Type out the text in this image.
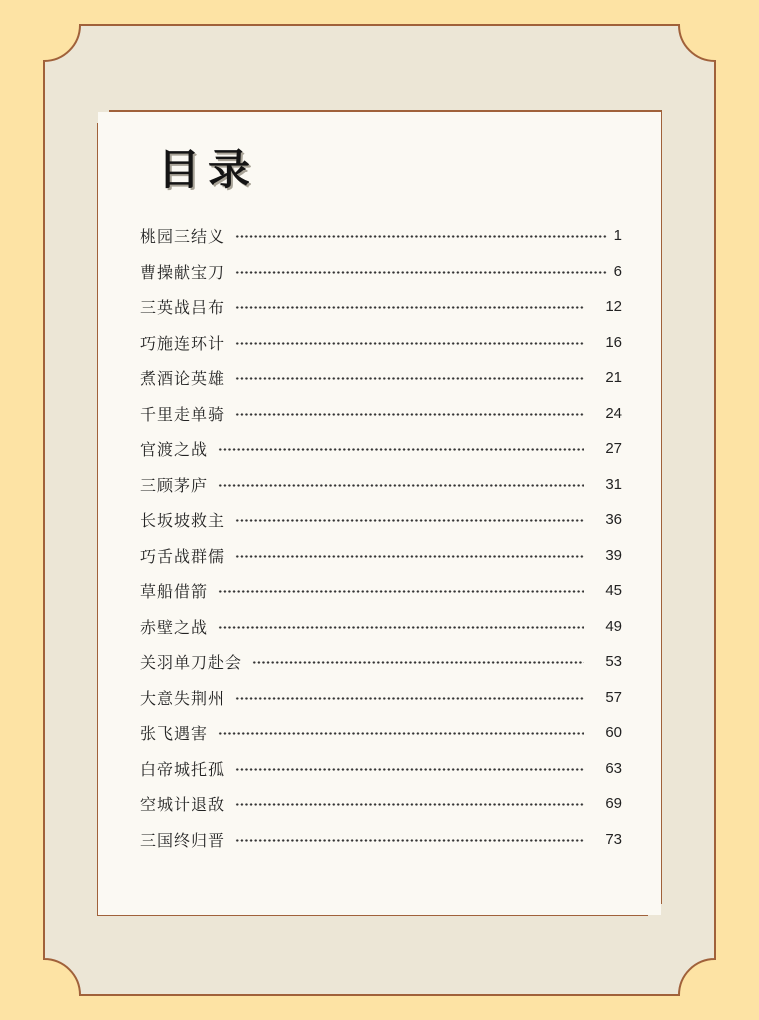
目录
桃园三结义	1
曹操献宝刀	6
三英战吕布	12
巧施连环计	16
煮酒论英雄	21
千里走单骑	24
官渡之战	27
三顾茅庐	31
长坂坡救主	36
巧舌战群儒	39
草船借箭	45
赤壁之战	49
关羽单刀赴会	53
大意失荆州	57
张飞遇害	60
白帝城托孤	63
空城计退敌	69
三国终归晋	73
